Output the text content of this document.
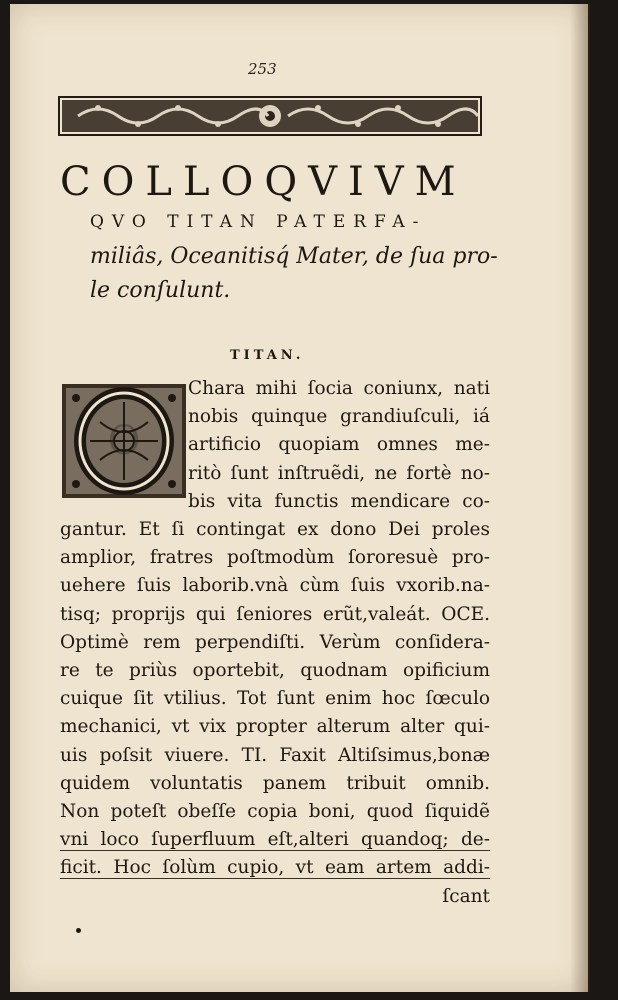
253
COLLOQVIVM
QVO TITAN PATERFA-
miliâs, Oceanitisq́ Mater, de ſua pro-
le conſulunt.
TITAN.
O
Chara mihi ſocia coniunx, nati
nobis quinque grandiuſculi, iá
artificio quopiam omnes me-
ritò ſunt inſtruẽdi, ne fortè no-
bis vita functis mendicare co-
gantur. Et ſi contingat ex dono Dei proles
amplior, fratres poſtmodùm ſororesuè pro-
uehere ſuis laborib.vnà cùm ſuis vxorib.na-
tisq; proprijs qui ſeniores erũt,valeát. OCE.
Optimè rem perpendiſti. Verùm conſidera-
re te priùs oportebit, quodnam opificium
cuique ſit vtilius. Tot ſunt enim hoc ſœculo
mechanici, vt vix propter alterum alter qui-
uis poſsit viuere. TI. Faxit Altiſsimus,bonæ
quidem voluntatis panem tribuit omnib.
Non poteſt obeſſe copia boni, quod ſiquidẽ
vni loco ſuperfluum eſt,alteri quandoq; de-
ficit. Hoc ſolùm cupio, vt eam artem addi-
ſcant
